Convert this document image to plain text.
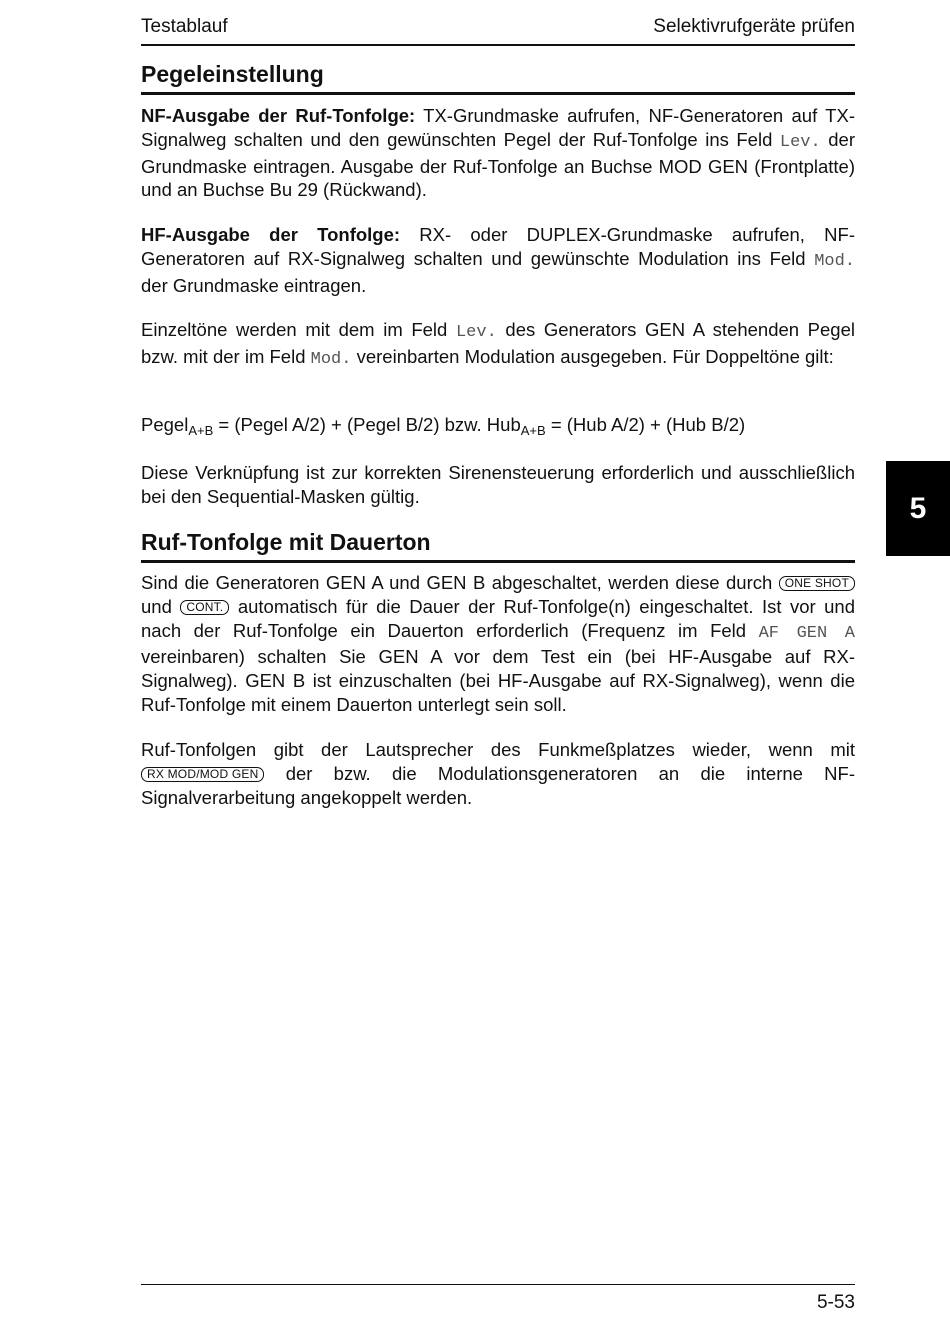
Testablauf	Selektivrufgeräte prüfen
Pegeleinstellung

NF-Ausgabe der Ruf-Tonfolge: TX-Grundmaske aufrufen, NF-Generatoren auf TX-Signalweg schalten und den gewünschten Pegel der Ruf-Tonfolge ins Feld Lev. der Grundmaske eintragen. Ausgabe der Ruf-Tonfolge an Buchse MOD GEN (Frontplatte) und an Buchse Bu 29 (Rückwand).

HF-Ausgabe der Tonfolge: RX- oder DUPLEX-Grundmaske aufrufen, NF-Generatoren auf RX-Signalweg schalten und gewünschte Modulation ins Feld Mod. der Grundmaske eintragen.

Einzeltöne werden mit dem im Feld Lev. des Generators GEN A stehenden Pegel bzw. mit der im Feld Mod. vereinbarten Modulation ausgegeben. Für Doppeltöne gilt:

Pegel$_{A+B}$ = (Pegel A/2) + (Pegel B/2) bzw. Hub$_{A+B}$ = (Hub A/2) + (Hub B/2)

Diese Verknüpfung ist zur korrekten Sirenensteuerung erforderlich und ausschließlich bei den Sequential-Masken gültig.

Ruf-Tonfolge mit Dauerton

Sind die Generatoren GEN A und GEN B abgeschaltet, werden diese durch ONE SHOT und CONT. automatisch für die Dauer der Ruf-Tonfolge(n) eingeschaltet. Ist vor und nach der Ruf-Tonfolge ein Dauerton erforderlich (Frequenz im Feld AF GEN A vereinbaren) schalten Sie GEN A vor dem Test ein (bei HF-Ausgabe auf RX-Signalweg). GEN B ist einzuschalten (bei HF-Ausgabe auf RX-Signalweg), wenn die Ruf-Tonfolge mit einem Dauerton unterlegt sein soll.

Ruf-Tonfolgen gibt der Lautsprecher des Funkmeßplatzes wieder, wenn mit RX MOD/MOD GEN der bzw. die Modulationsgeneratoren an die interne NF-Signalverarbeitung angekoppelt werden.

5-53
5
